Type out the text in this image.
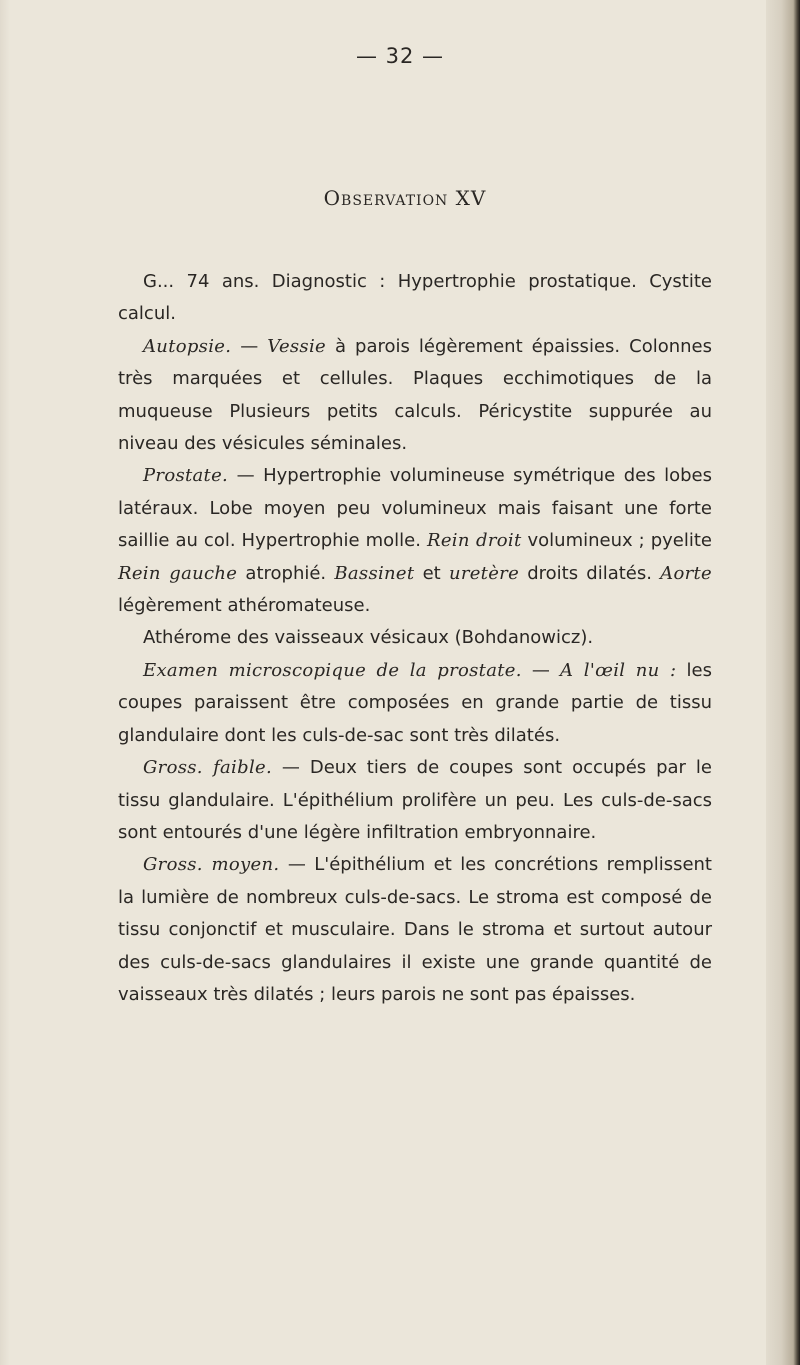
— 32 —
Observation XV

G... 74 ans. Diagnostic : Hypertrophie prostatique. Cystite calcul.

Autopsie. — Vessie à parois légèrement épaissies. Colonnes très marquées et cellules. Plaques ecchimotiques de la muqueuse Plusieurs petits calculs. Péricystite suppurée au niveau des vésicules séminales.

Prostate. — Hypertrophie volumineuse symétrique des lobes latéraux. Lobe moyen peu volumineux mais faisant une forte saillie au col. Hypertrophie molle. Rein droit volumineux ; pyelite Rein gauche atrophié. Bassinet et uretère droits dilatés. Aorte légèrement athéromateuse.

Athérome des vaisseaux vésicaux (Bohdanowicz).

Examen microscopique de la prostate. — A l'œil nu : les coupes paraissent être composées en grande partie de tissu glandulaire dont les culs-de-sac sont très dilatés.

Gross. faible. — Deux tiers de coupes sont occupés par le tissu glandulaire. L'épithélium prolifère un peu. Les culs-de-sacs sont entourés d'une légère infiltration embryonnaire.

Gross. moyen. — L'épithélium et les concrétions remplissent la lumière de nombreux culs-de-sacs. Le stroma est composé de tissu conjonctif et musculaire. Dans le stroma et surtout autour des culs-de-sacs glandulaires il existe une grande quantité de vaisseaux très dilatés ; leurs parois ne sont pas épaisses.
